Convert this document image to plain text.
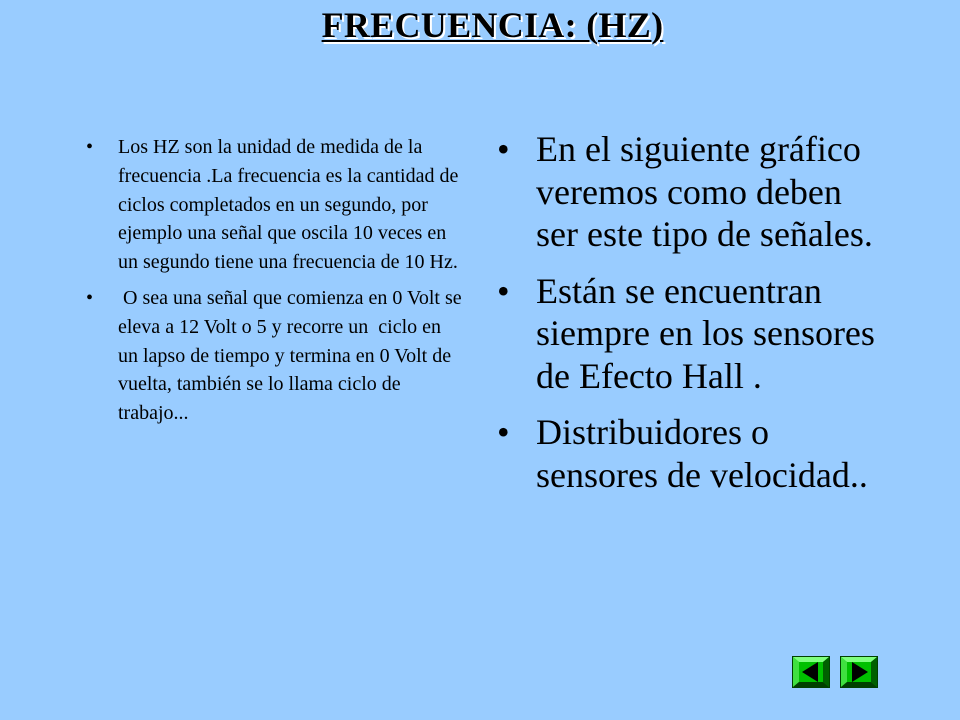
FRECUENCIA: (HZ)
• Los HZ son la unidad de medida de la frecuencia .La frecuencia es la cantidad de ciclos completados en un segundo, por ejemplo una señal que oscila 10 veces en un segundo tiene una frecuencia de 10 Hz.
• O sea una señal que comienza en 0 Volt se eleva a 12 Volt o 5 y recorre un  ciclo en un lapso de tiempo y termina en 0 Volt de vuelta, también se lo llama ciclo de trabajo...
• En el siguiente gráfico veremos como deben ser este tipo de señales.
• Están se encuentran siempre en los sensores de Efecto Hall .
• Distribuidores o sensores de velocidad..
